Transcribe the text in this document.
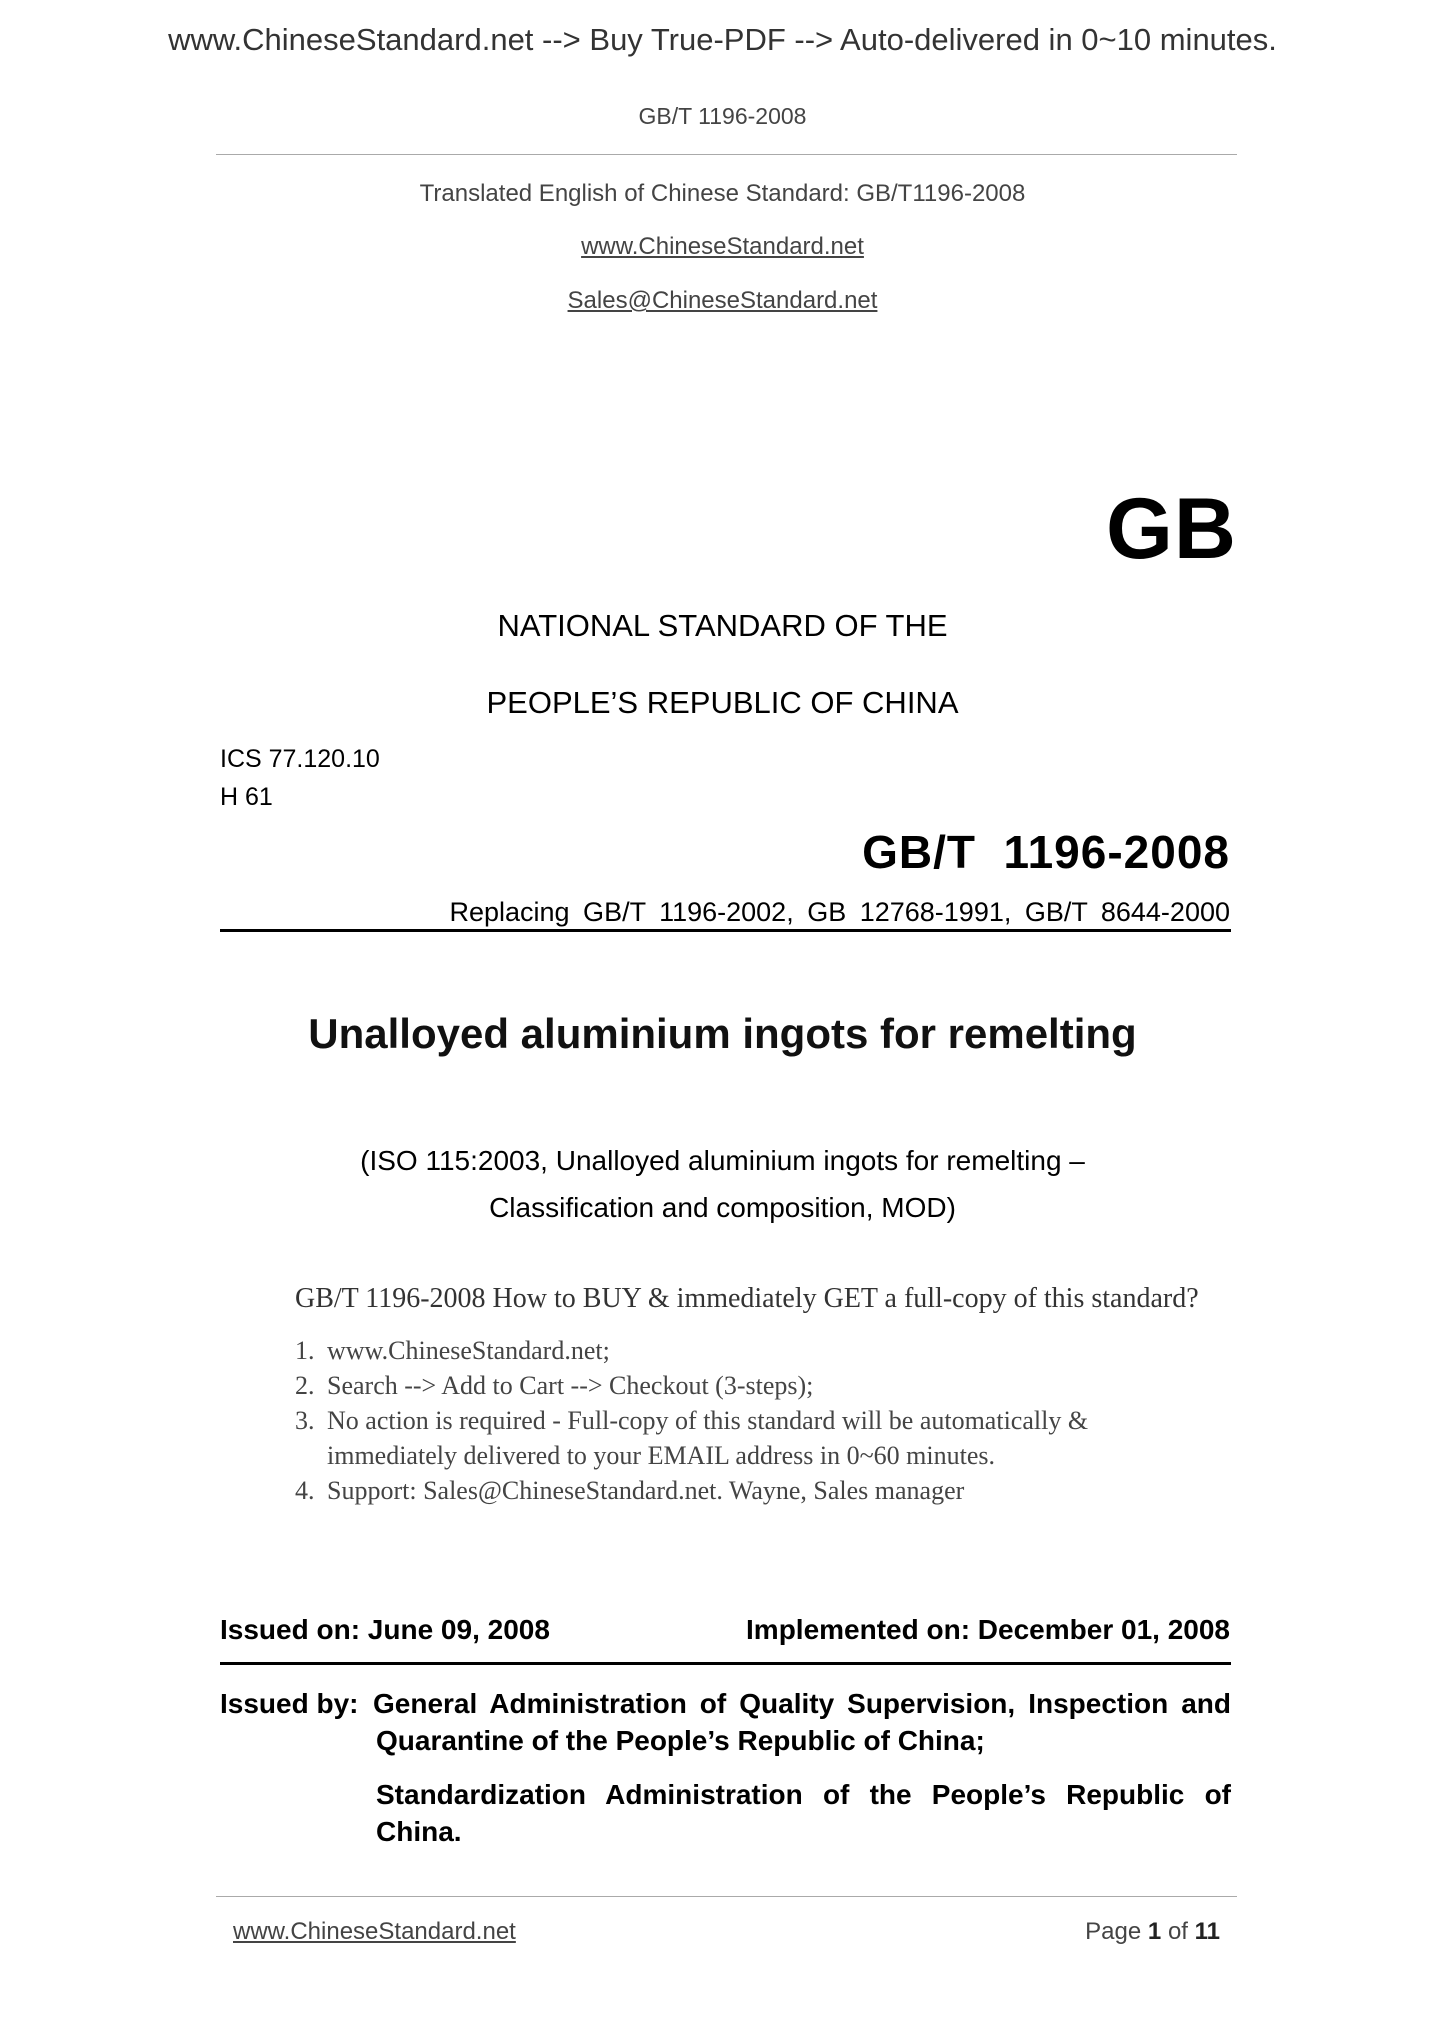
www.ChineseStandard.net --> Buy True-PDF --> Auto-delivered in 0~10 minutes.
GB/T 1196-2008
Translated English of Chinese Standard: GB/T1196-2008
www.ChineseStandard.net
Sales@ChineseStandard.net
GB
NATIONAL STANDARD OF THE
PEOPLE’S REPUBLIC OF CHINA
ICS 77.120.10
H 61
GB/T  1196-2008
Replacing GB/T 1196-2002, GB 12768-1991, GB/T 8644-2000
Unalloyed aluminium ingots for remelting
(ISO 115:2003, Unalloyed aluminium ingots for remelting –
Classification and composition, MOD)
GB/T 1196-2008 How to BUY & immediately GET a full-copy of this standard?
1. www.ChineseStandard.net;
2. Search --> Add to Cart --> Checkout (3-steps);
3. No action is required - Full-copy of this standard will be automatically &
immediately delivered to your EMAIL address in 0~60 minutes.
4. Support: Sales@ChineseStandard.net. Wayne, Sales manager
Issued on: June 09, 2008	Implemented on: December 01, 2008
Issued by: General Administration of Quality Supervision, Inspection and
Quarantine of the People’s Republic of China;
Standardization Administration of the People’s Republic of
China.
www.ChineseStandard.net	Page 1 of 11
